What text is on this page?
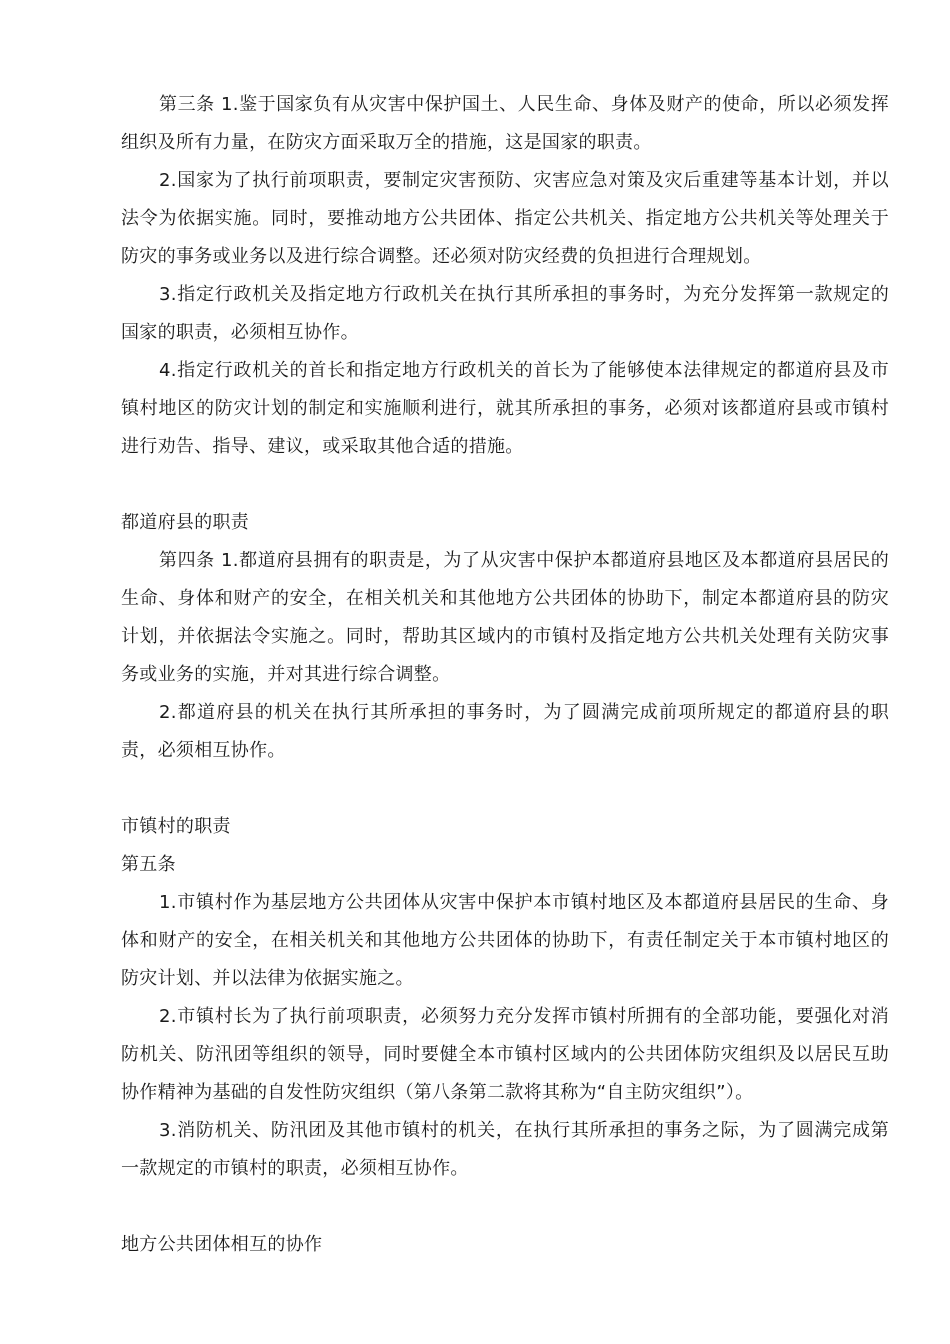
第三条 1.鉴于国家负有从灾害中保护国土、人民生命、身体及财产的使命，所以必须发挥组织及所有力量，在防灾方面采取万全的措施，这是国家的职责。

2.国家为了执行前项职责，要制定灾害预防、灾害应急对策及灾后重建等基本计划，并以法令为依据实施。同时，要推动地方公共团体、指定公共机关、指定地方公共机关等处理关于防灾的事务或业务以及进行综合调整。还必须对防灾经费的负担进行合理规划。

3.指定行政机关及指定地方行政机关在执行其所承担的事务时，为充分发挥第一款规定的国家的职责，必须相互协作。

4.指定行政机关的首长和指定地方行政机关的首长为了能够使本法律规定的都道府县及市镇村地区的防灾计划的制定和实施顺利进行，就其所承担的事务，必须对该都道府县或市镇村进行劝告、指导、建议，或采取其他合适的措施。

都道府县的职责

第四条 1.都道府县拥有的职责是，为了从灾害中保护本都道府县地区及本都道府县居民的生命、身体和财产的安全，在相关机关和其他地方公共团体的协助下，制定本都道府县的防灾计划，并依据法令实施之。同时，帮助其区域内的市镇村及指定地方公共机关处理有关防灾事务或业务的实施，并对其进行综合调整。

2.都道府县的机关在执行其所承担的事务时，为了圆满完成前项所规定的都道府县的职责，必须相互协作。

市镇村的职责

第五条

1.市镇村作为基层地方公共团体从灾害中保护本市镇村地区及本都道府县居民的生命、身体和财产的安全，在相关机关和其他地方公共团体的协助下，有责任制定关于本市镇村地区的防灾计划、并以法律为依据实施之。

2.市镇村长为了执行前项职责，必须努力充分发挥市镇村所拥有的全部功能，要强化对消防机关、防汛团等组织的领导，同时要健全本市镇村区域内的公共团体防灾组织及以居民互助协作精神为基础的自发性防灾组织（第八条第二款将其称为“自主防灾组织”）。

3.消防机关、防汛团及其他市镇村的机关，在执行其所承担的事务之际，为了圆满完成第一款规定的市镇村的职责，必须相互协作。

地方公共团体相互的协作
